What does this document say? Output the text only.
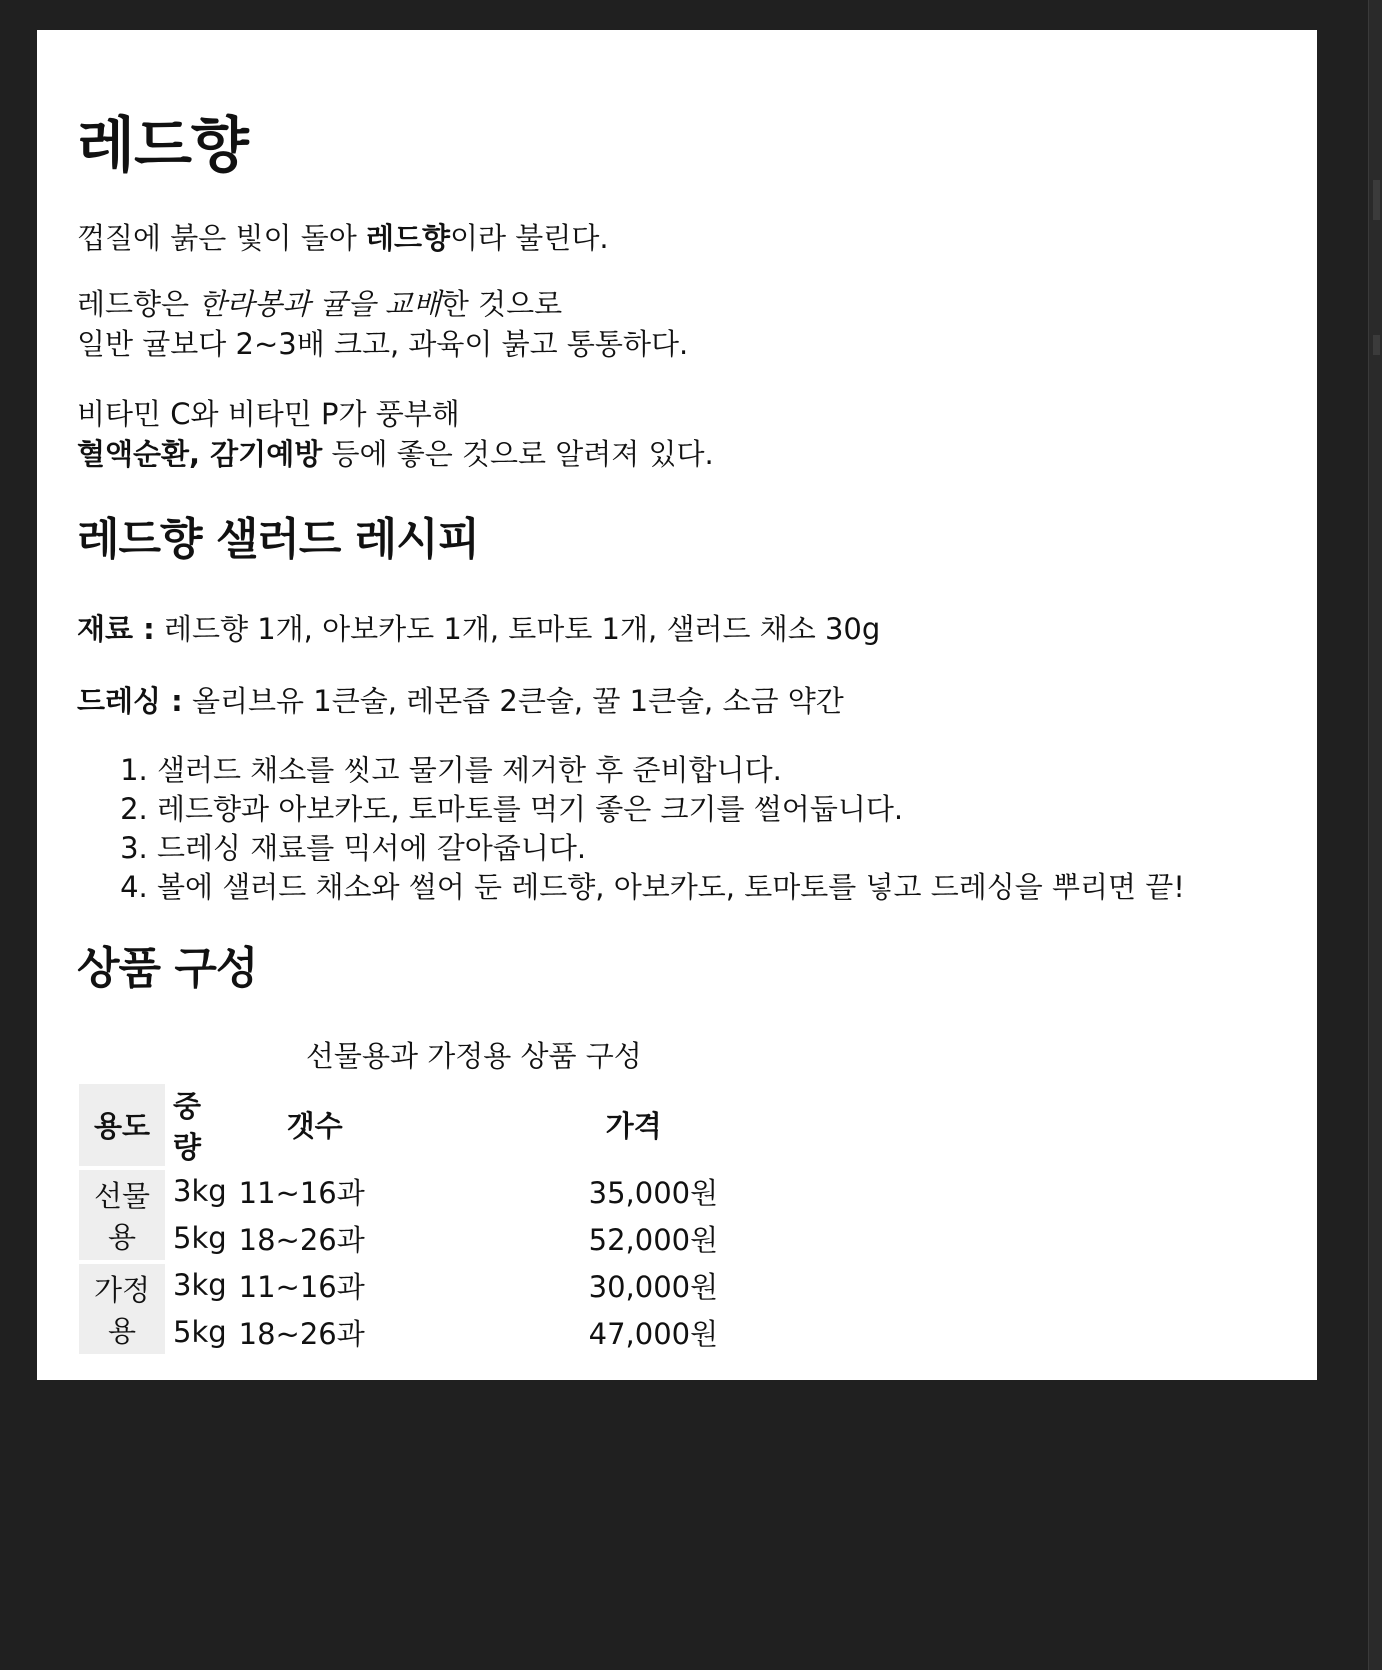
레드향

껍질에 붉은 빛이 돌아 레드향이라 불린다.

레드향은 한라봉과 귤을 교배한 것으로
일반 귤보다 2~3배 크고, 과육이 붉고 통통하다.

비타민 C와 비타민 P가 풍부해
혈액순환, 감기예방 등에 좋은 것으로 알려져 있다.

레드향 샐러드 레시피

재료 : 레드향 1개, 아보카도 1개, 토마토 1개, 샐러드 채소 30g

드레싱 : 올리브유 1큰술, 레몬즙 2큰술, 꿀 1큰술, 소금 약간

1. 샐러드 채소를 씻고 물기를 제거한 후 준비합니다.
2. 레드향과 아보카도, 토마토를 먹기 좋은 크기를 썰어둡니다.
3. 드레싱 재료를 믹서에 갈아줍니다.
4. 볼에 샐러드 채소와 썰어 둔 레드향, 아보카도, 토마토를 넣고 드레싱을 뿌리면 끝!
상품 구성
선물용과 가정용 상품 구성
용도	중량	갯수	가격
선물용	3kg	11~16과	35,000원
	5kg	18~26과	52,000원
가정용	3kg	11~16과	30,000원
	5kg	18~26과	47,000원
